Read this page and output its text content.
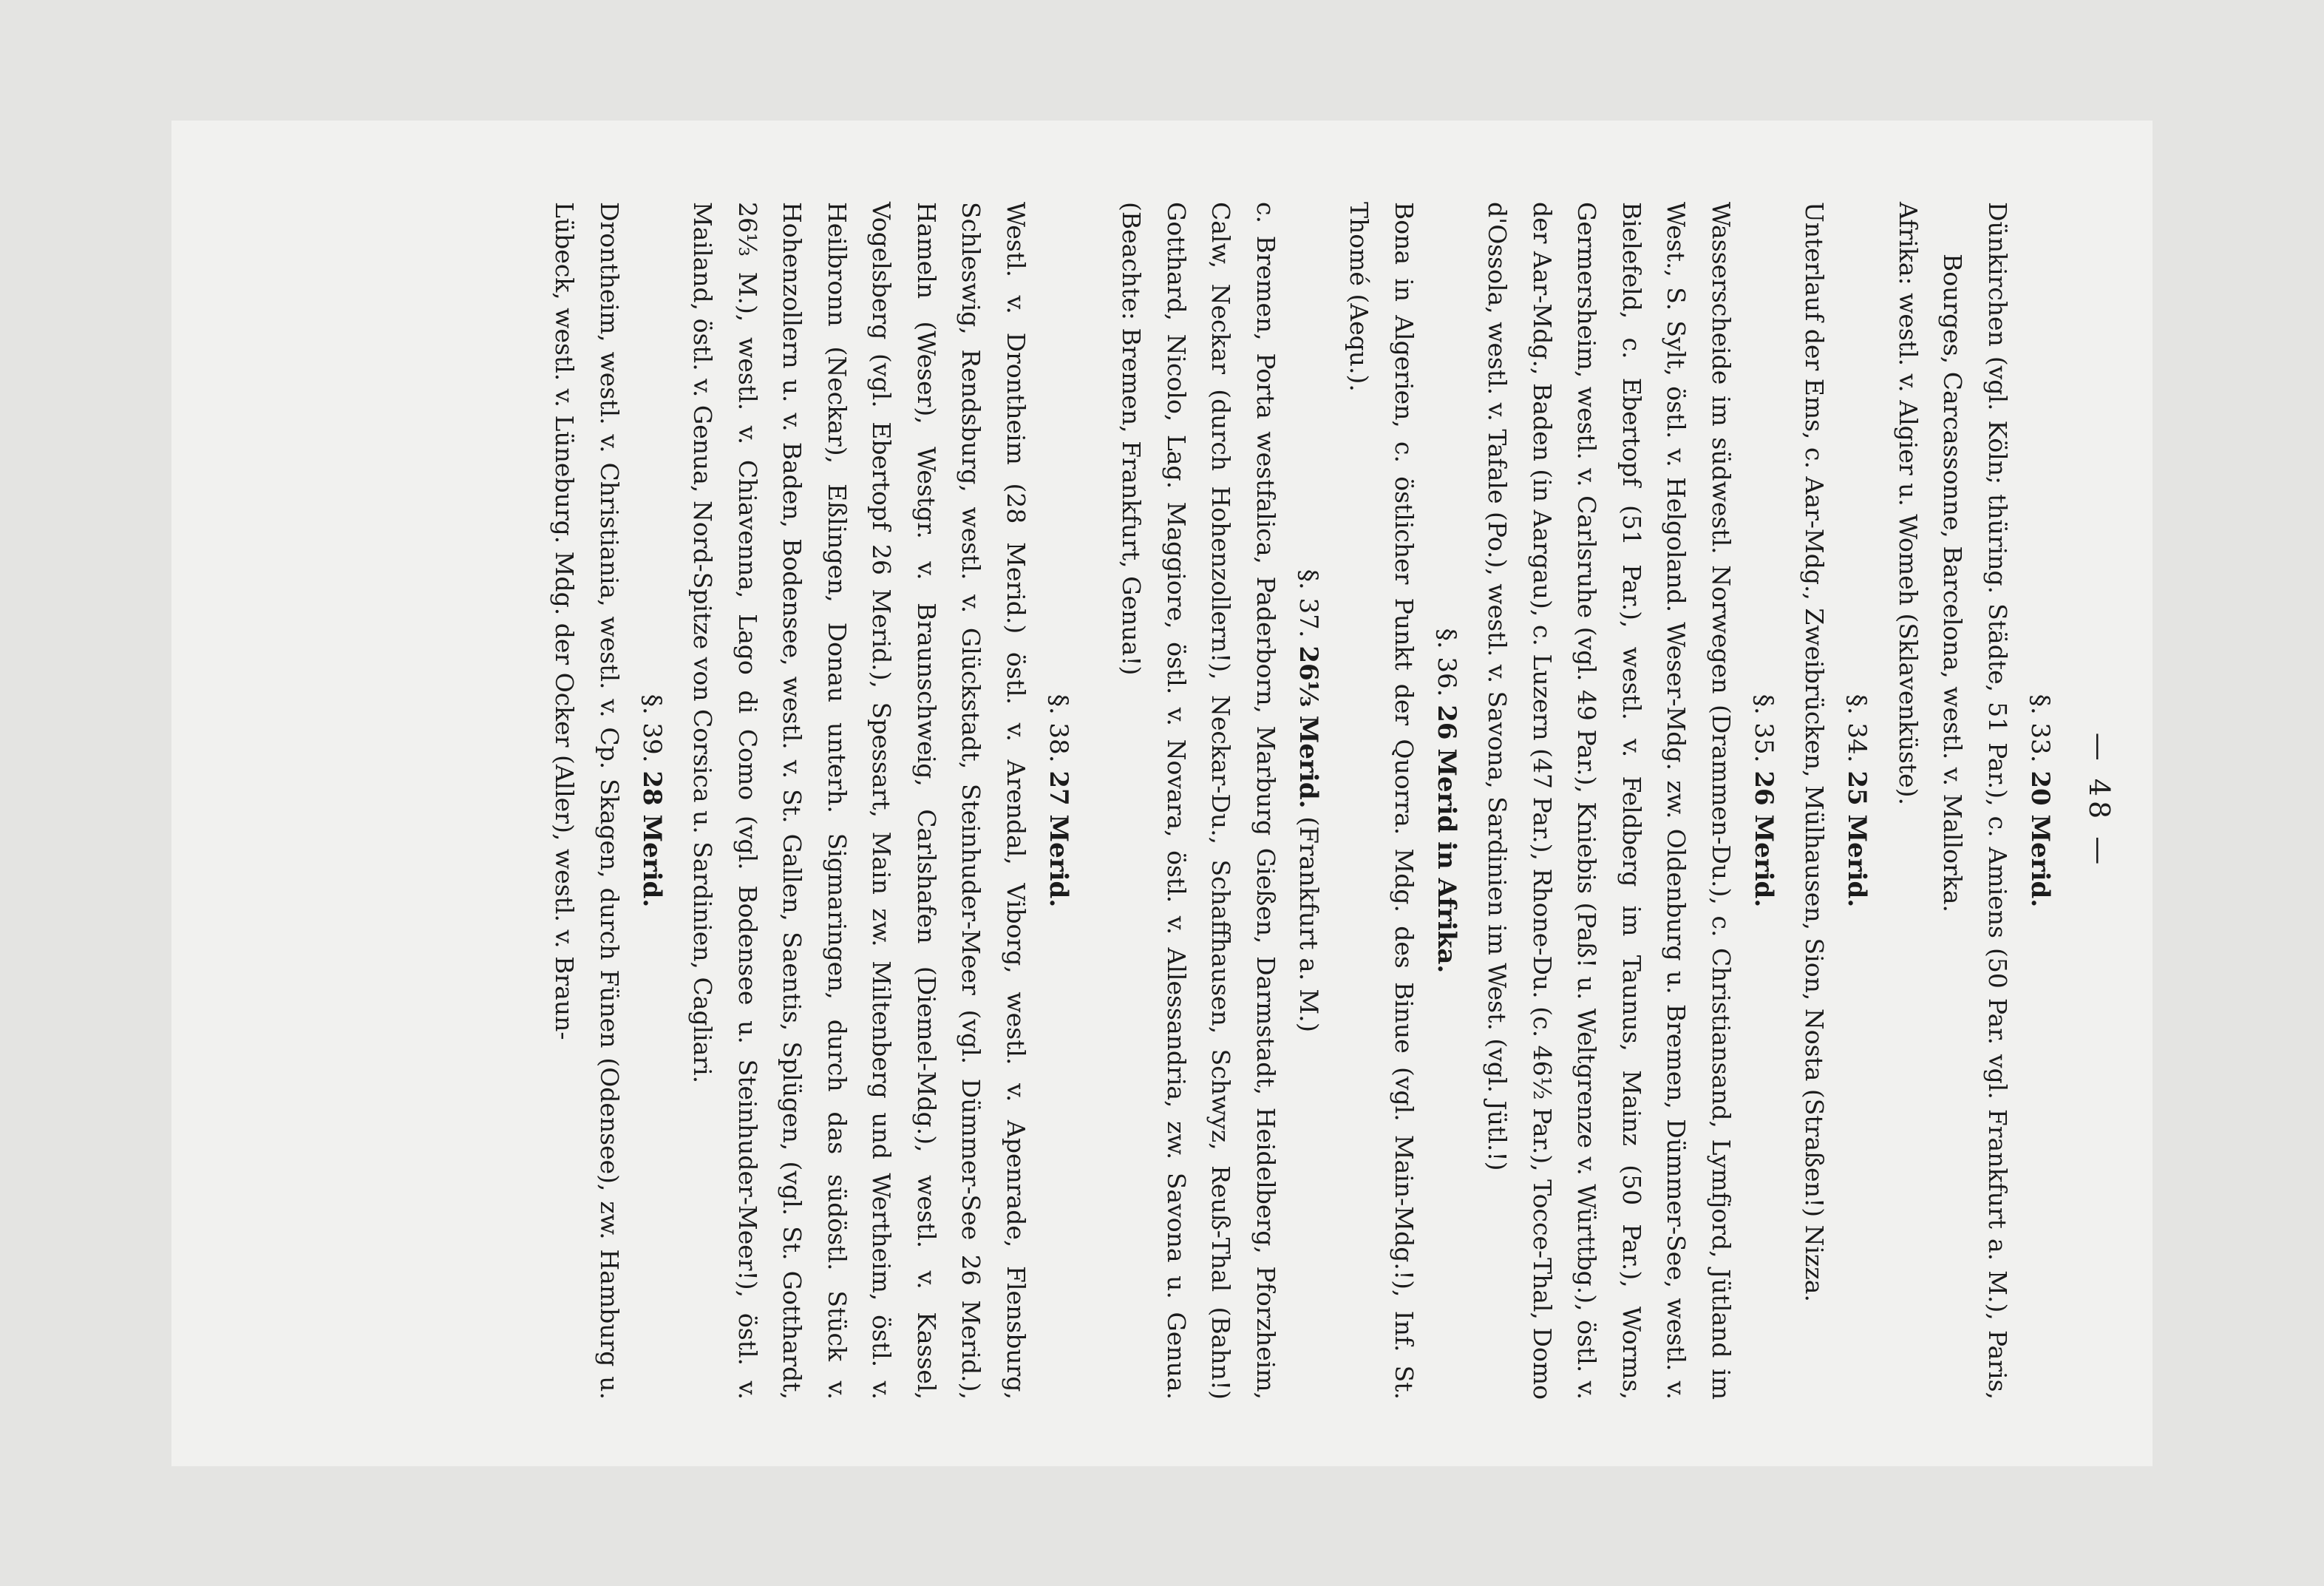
— 48 —
§. 33. 20 Merid.

Dünkirchen (vgl. Köln; thüring. Städte, 51 Par.), c. Amiens (50 Par. vgl. Frankfurt a. M.), Paris, Bourges, Carcassonne, Barcelona, westl. v. Mallorka.

Afrika: westl. v. Algier u. Womeh (Sklavenküste).

§. 34. 25 Merid.

Unterlauf der Ems, c. Aar-Mdg., Zweibrücken, Mülhausen, Sion, Nosta (Straßen!) Nizza.

§. 35. 26 Merid.

Wasserscheide im südwestl. Norwegen (Drammen-Du.), c. Christiansand, Lymfjord, Jütland im West., S. Sylt, östl. v. Helgoland. Weser-Mdg. zw. Oldenburg u. Bremen, Dümmer-See, westl. v. Bielefeld, c. Ebertopf (51 Par.), westl. v. Feldberg im Taunus, Mainz (50 Par.), Worms, Germersheim, westl. v. Carlsruhe (vgl. 49 Par.), Kniebis (Paß! u. Weltgrenze v. Württbg.), östl. v. der Aar-Mdg., Baden (in Aargau), c. Luzern (47 Par.), Rhone-Du. (c. 46½ Par.), Tocce-Thal, Domo d'Ossola, westl. v. Tafale (Po.), westl. v. Savona, Sardinien im West. (vgl. Jütl.!)

§. 36. 26 Merid in Afrika.

Bona in Algerien, c. östlicher Punkt der Quorra. Mdg. des Binue (vgl. Main-Mdg.!), Inf. St. Thomé (Aequ.).

§. 37. 26⅓ Merid. (Frankfurt a. M.)

c. Bremen, Porta westfalica, Paderborn, Marburg Gießen, Darmstadt, Heidelberg, Pforzheim, Calw, Neckar (durch Hohenzollern!), Neckar-Du., Schaffhausen, Schwyz, Reuß-Thal (Bahn!) Gotthard, Nicolo, Lag. Maggiore, östl. v. Novara, östl. v. Allessandria, zw. Savona u. Genua. (Beachte: Bremen, Frankfurt, Genua!)

§. 38. 27 Merid.

Westl. v. Drontheim (28 Merid.) östl. v. Arendal, Viborg, westl. v. Apenrade, Flensburg, Schleswig, Rendsburg, westl. v. Glückstadt, Steinhuder-Meer (vgl. Dümmer-See 26 Merid.), Hameln (Weser), Westgr. v. Braunschweig, Carlshafen (Diemel-Mdg.), westl. v. Kassel, Vogelsberg (vgl. Ebertopf 26 Merid.), Spessart, Main zw. Miltenberg und Wertheim, östl. v. Heilbronn (Neckar), Eßlingen, Donau unterh. Sigmaringen, durch das südöstl. Stück v. Hohenzollern u. v. Baden, Bodensee, westl. v. St. Gallen, Saentis, Splügen, (vgl. St. Gotthardt, 26⅓ M.), westl. v. Chiavenna, Lago di Como (vgl. Bodensee u. Steinhuder-Meer!), östl. v. Mailand, östl. v. Genua, Nord-Spitze von Corsica u. Sardinien, Cagliari.

§. 39. 28 Merid.

Drontheim, westl. v. Christiania, westl. v. Cp. Skagen, durch Fünen (Odensee), zw. Hamburg u. Lübeck, westl. v. Lüneburg. Mdg. der Ocker (Aller), westl. v. Braun-
